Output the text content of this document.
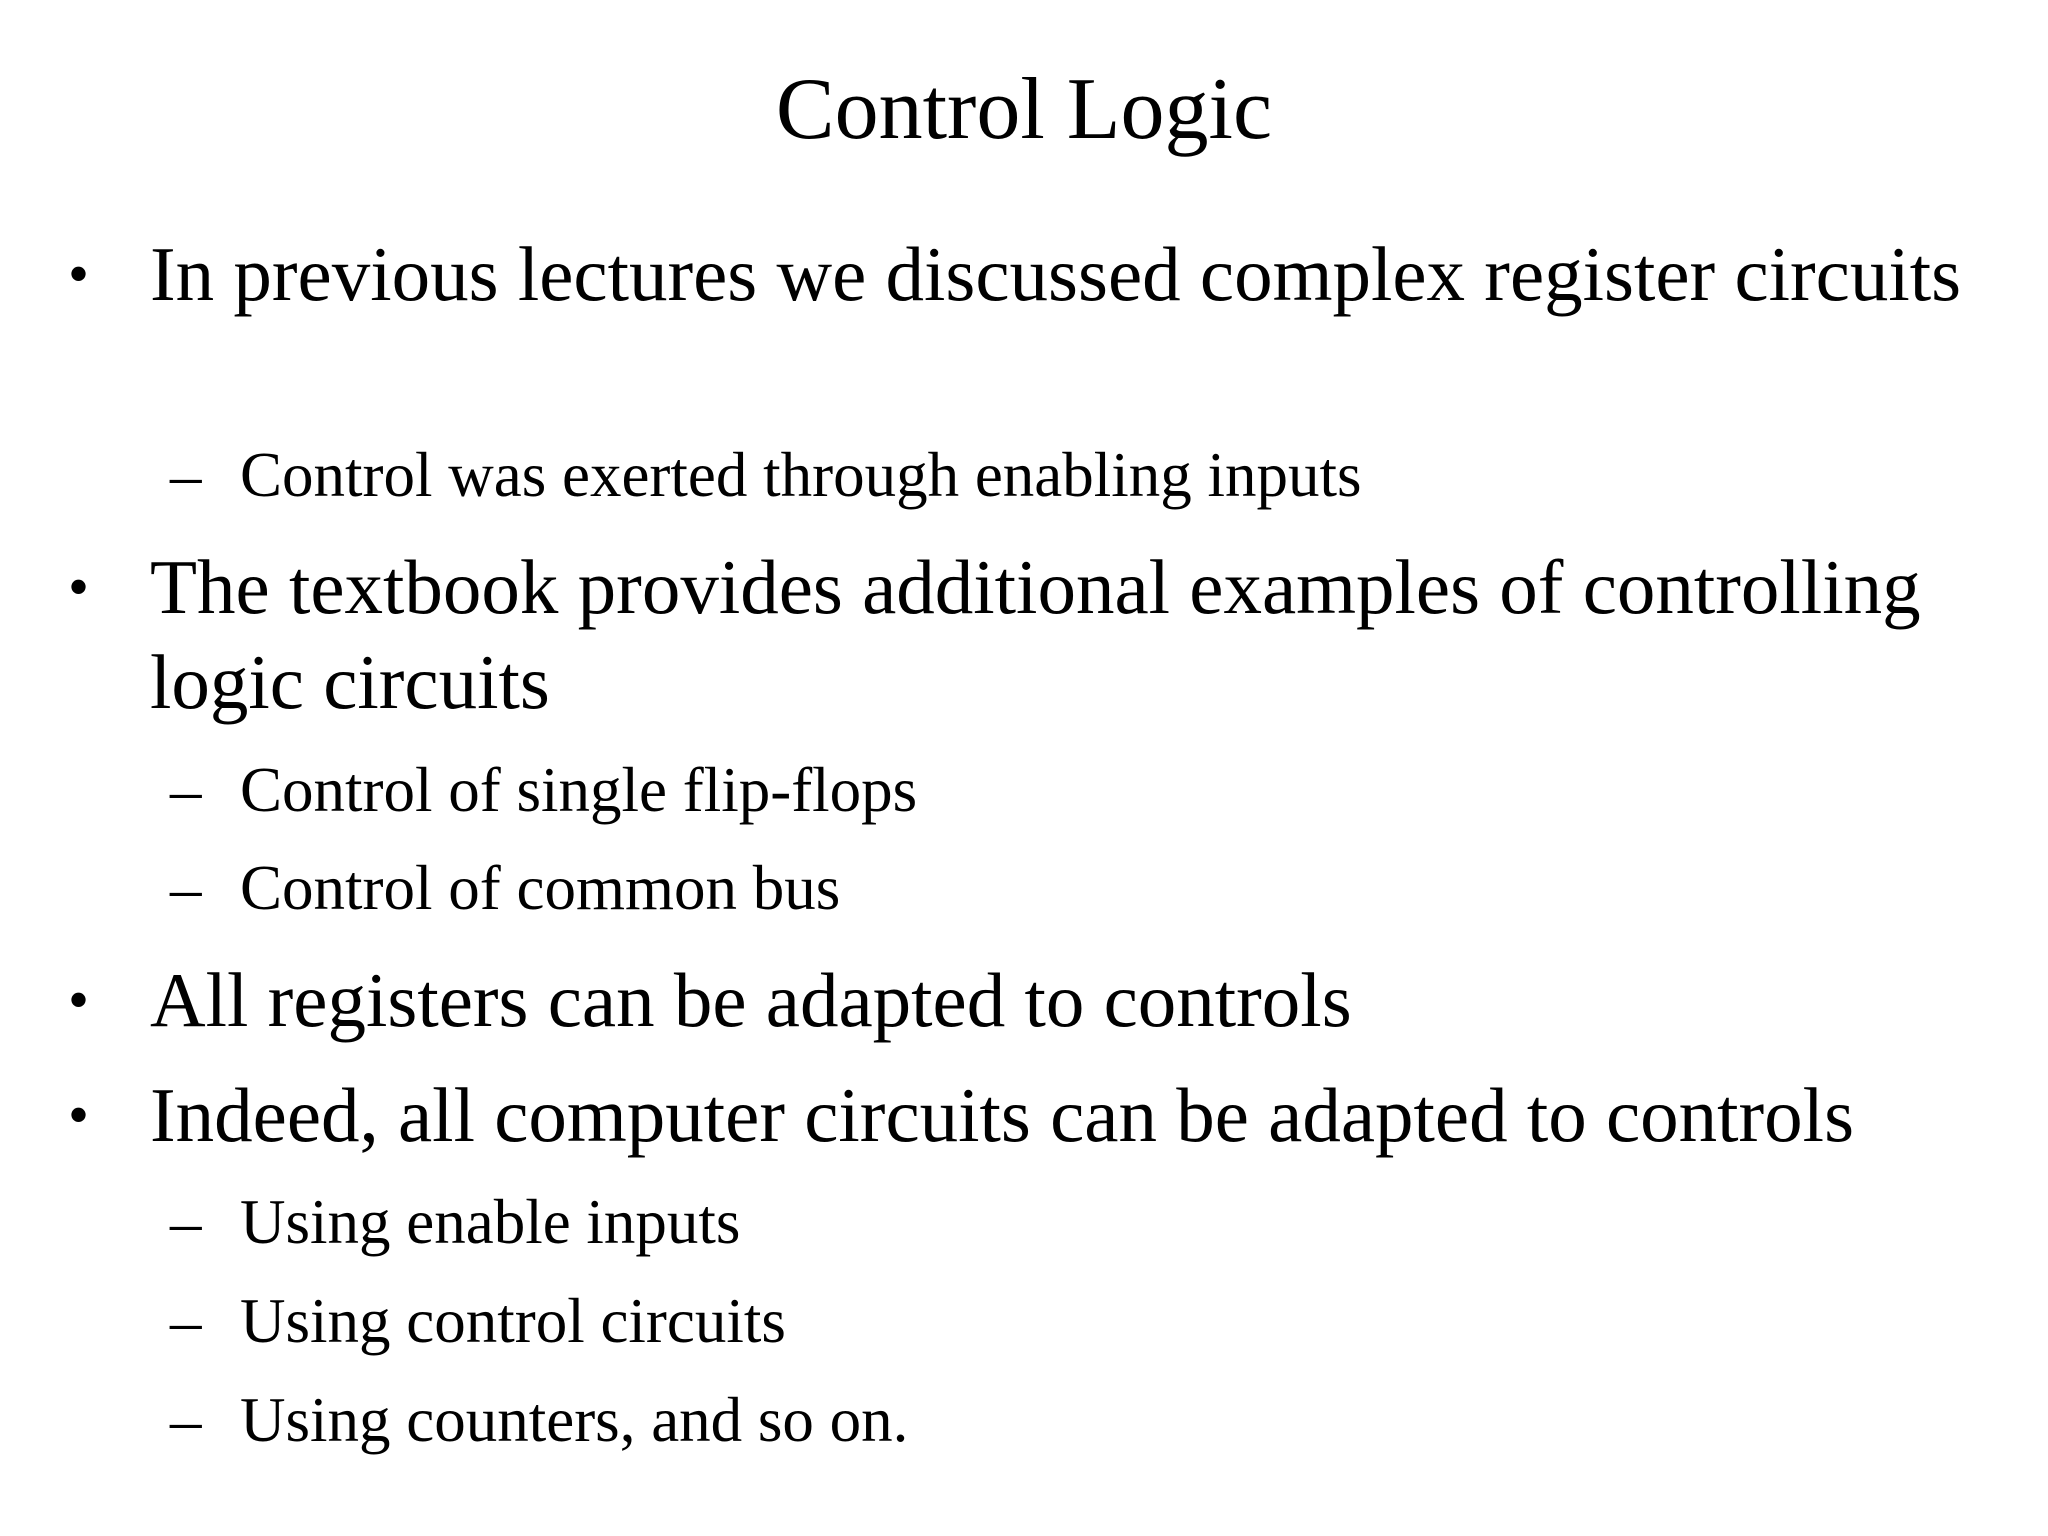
Control Logic
• In previous lectures we discussed complex register circuits
– Control was exerted through enabling inputs
• The textbook provides additional examples of controlling logic circuits
– Control of single flip-flops
– Control of common bus
• All registers can be adapted to controls
• Indeed, all computer circuits can be adapted to controls
– Using enable inputs
– Using control circuits
– Using counters, and so on.
